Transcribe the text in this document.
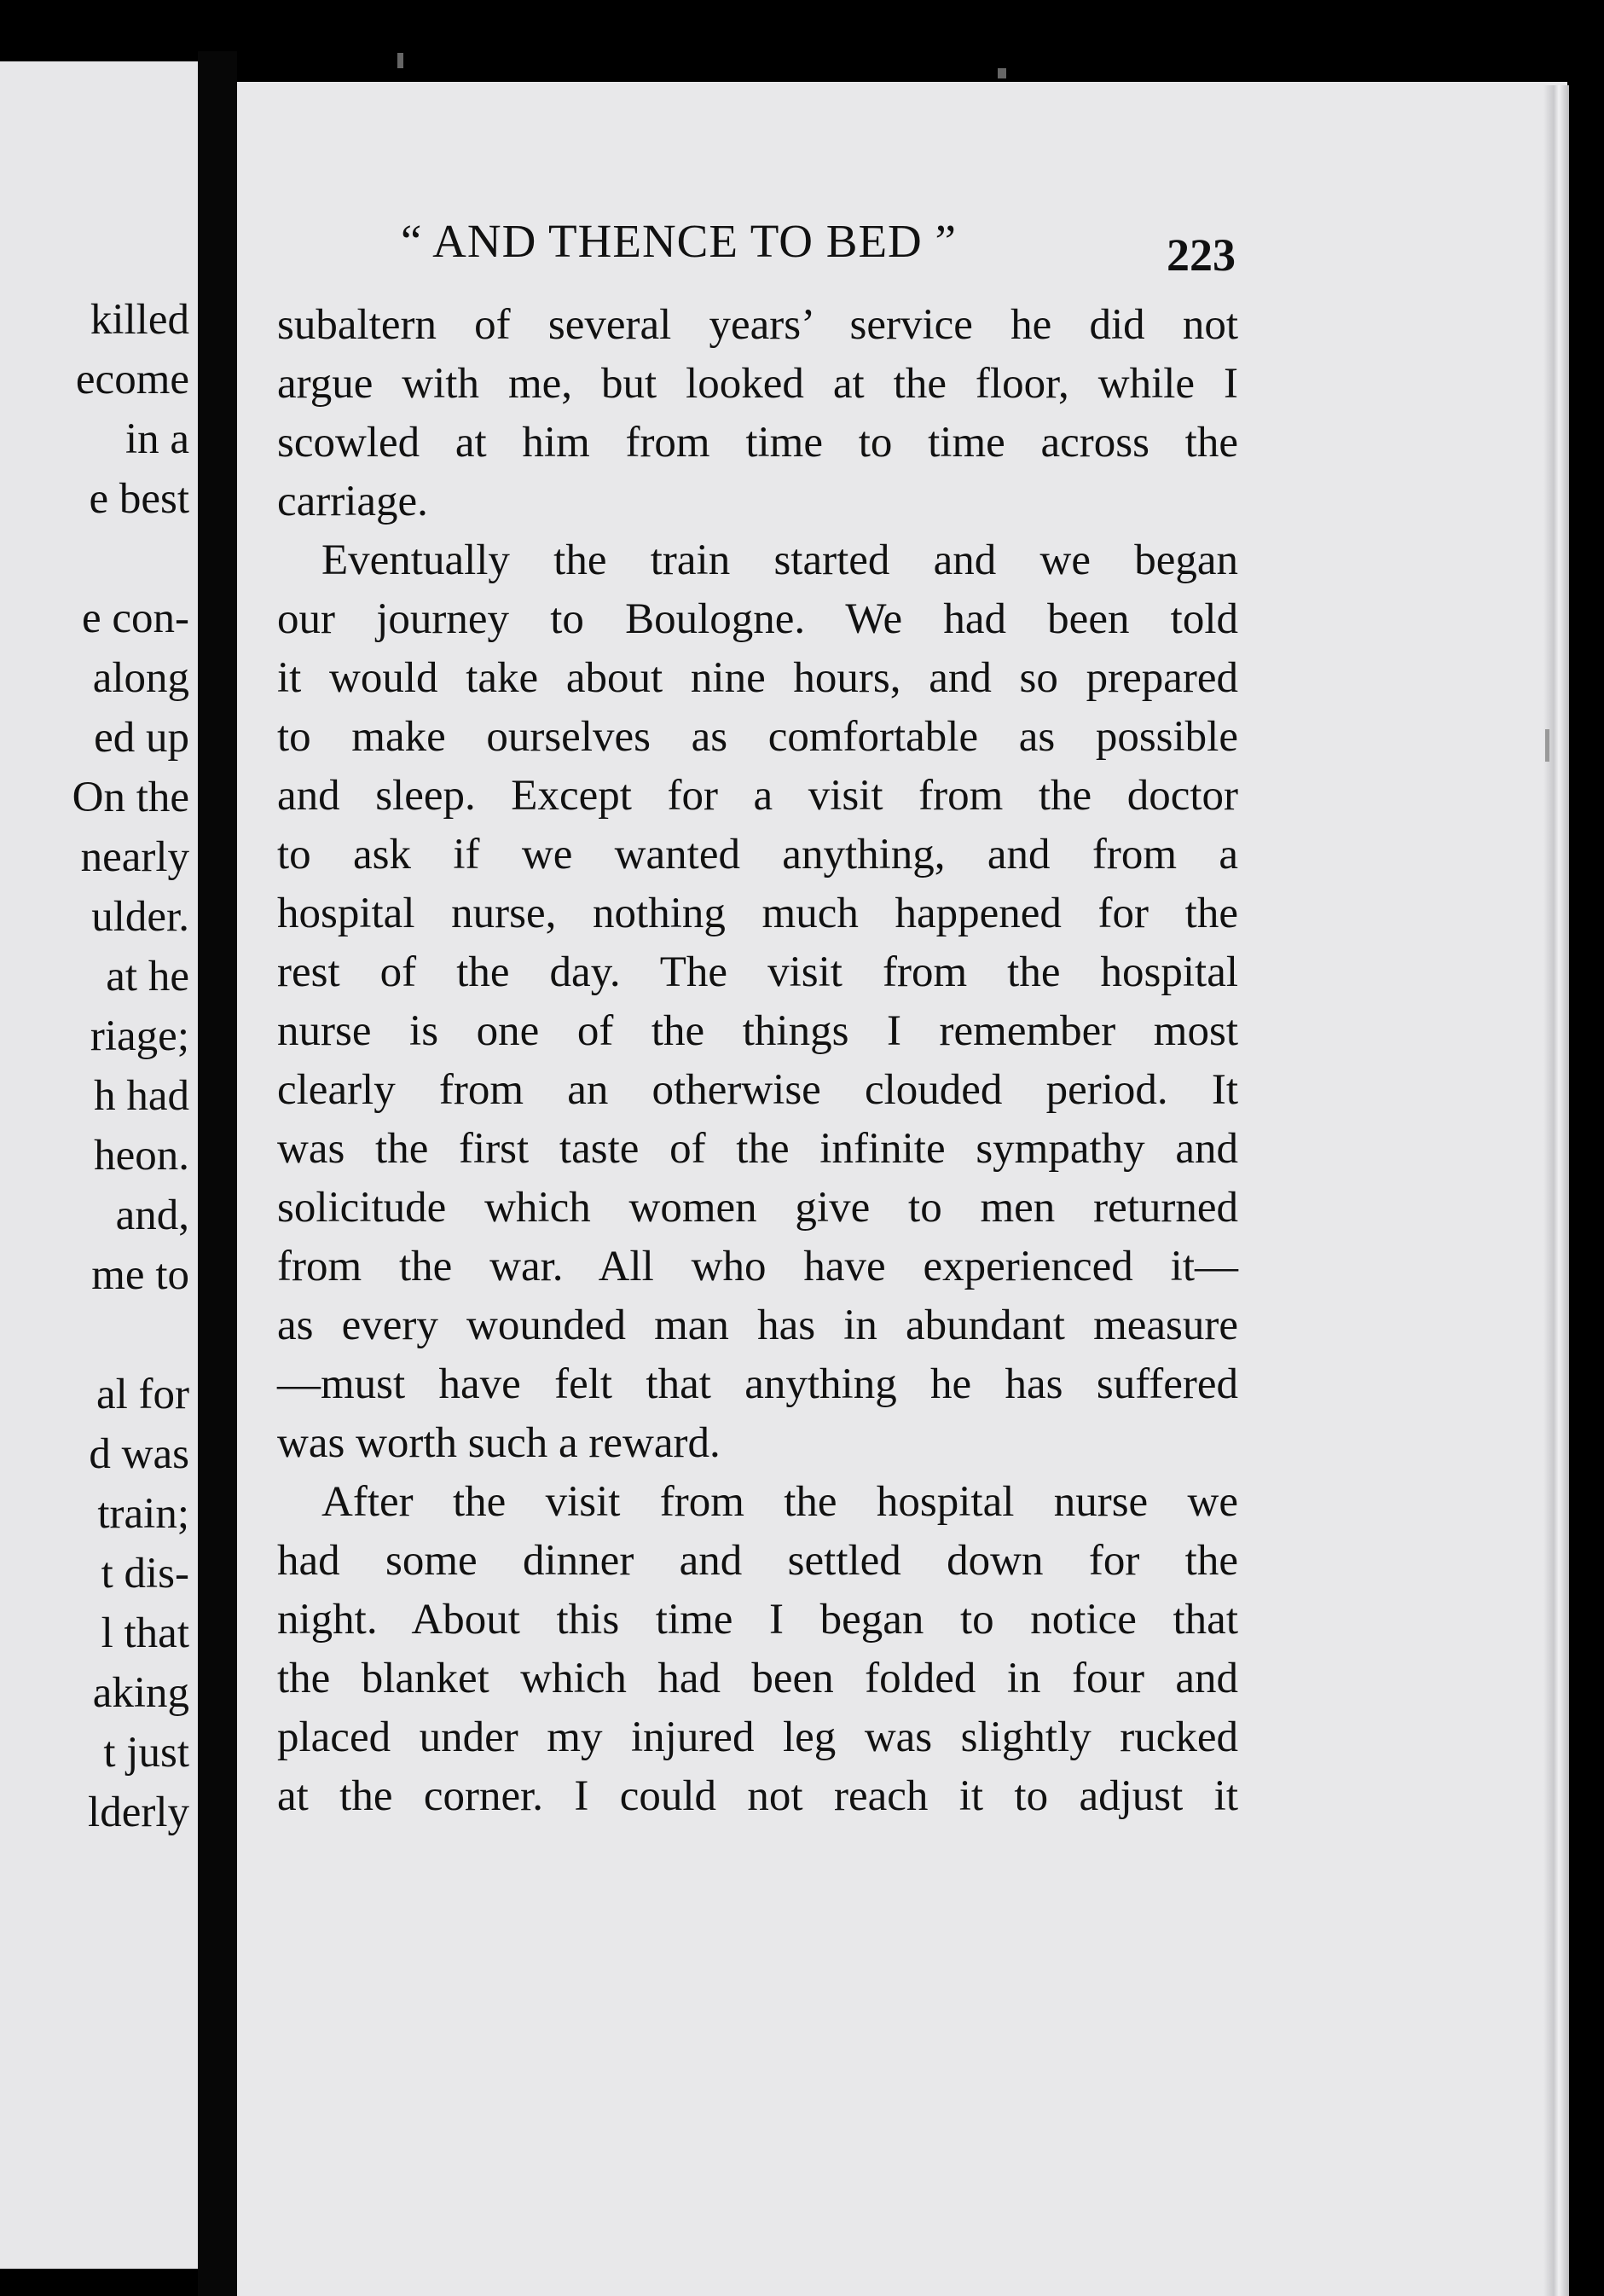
killed
ecome
in a
e best
e con-
along
ed up
On the
nearly
ulder.
at he
riage;
h had
heon.
and,
me to
al for
d was
train;
t dis-
l that
aking
t just
lderly
“ AND THENCE TO BED ”	223
subaltern of several years’ service he did not
argue with me, but looked at the floor, while I
scowled at him from time to time across the
carriage.
Eventually the train started and we began
our journey to Boulogne. We had been told
it would take about nine hours, and so prepared
to make ourselves as comfortable as possible
and sleep. Except for a visit from the doctor
to ask if we wanted anything, and from a
hospital nurse, nothing much happened for the
rest of the day. The visit from the hospital
nurse is one of the things I remember most
clearly from an otherwise clouded period. It
was the first taste of the infinite sympathy and
solicitude which women give to men returned
from the war. All who have experienced it—
as every wounded man has in abundant measure
—must have felt that anything he has suffered
was worth such a reward.
After the visit from the hospital nurse we
had some dinner and settled down for the
night. About this time I began to notice that
the blanket which had been folded in four and
placed under my injured leg was slightly rucked
at the corner. I could not reach it to adjust it
